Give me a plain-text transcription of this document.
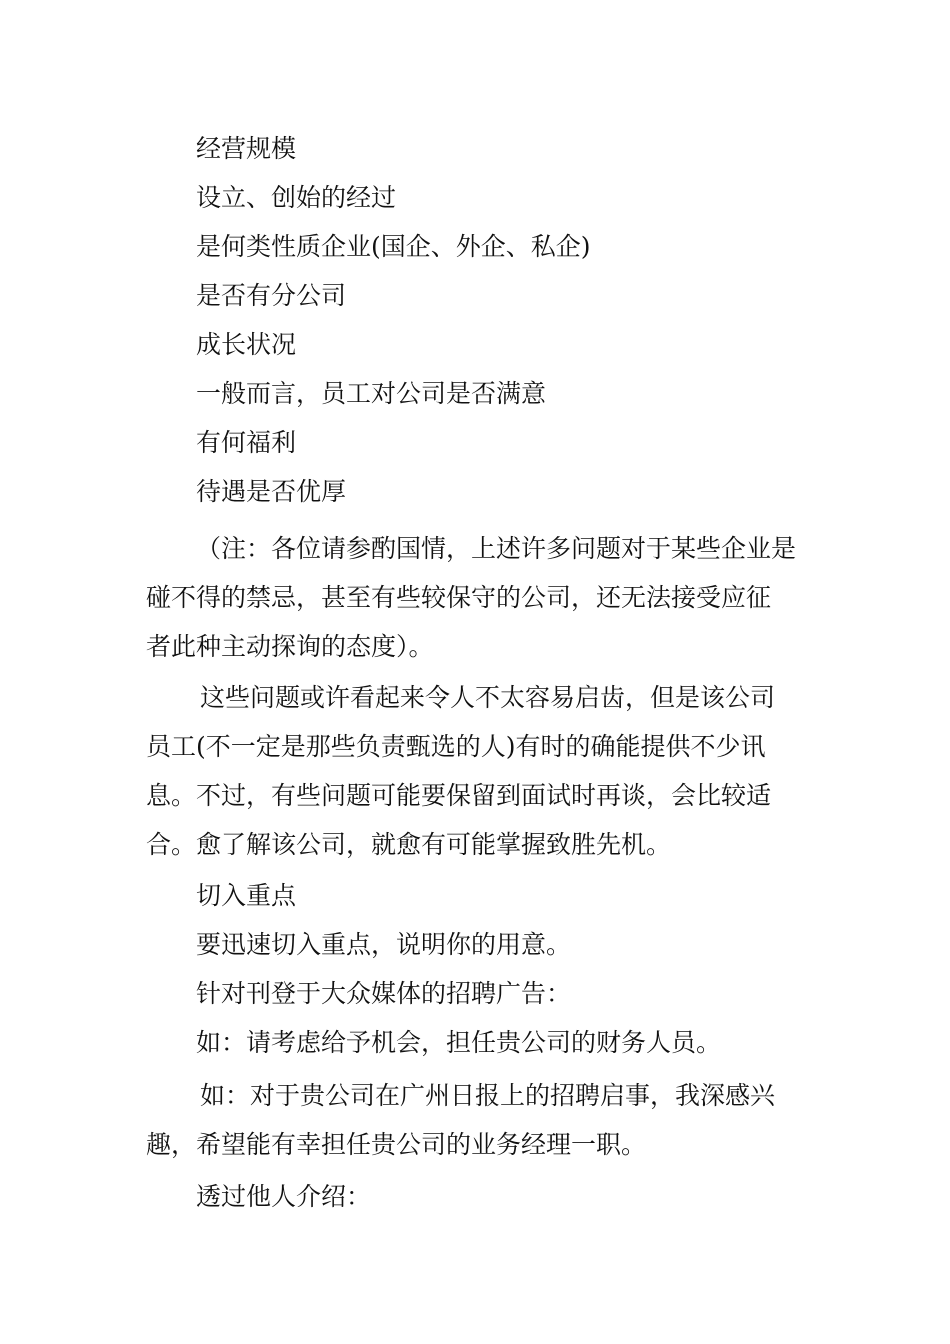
经营规模
设立、创始的经过
是何类性质企业(国企、外企、私企)
是否有分公司
成长状况
一般而言，员工对公司是否满意
有何福利
待遇是否优厚
（注：各位请参酌国情，上述许多问题对于某些企业是
碰不得的禁忌，甚至有些较保守的公司，还无法接受应征
者此种主动探询的态度）。
这些问题或许看起来令人不太容易启齿，但是该公司
员工(不一定是那些负责甄选的人)有时的确能提供不少讯
息。不过，有些问题可能要保留到面试时再谈，会比较适
合。愈了解该公司，就愈有可能掌握致胜先机。
切入重点
要迅速切入重点，说明你的用意。
针对刊登于大众媒体的招聘广告：
如：请考虑给予机会，担任贵公司的财务人员。
如：对于贵公司在广州日报上的招聘启事，我深感兴
趣，希望能有幸担任贵公司的业务经理一职。
透过他人介绍：
